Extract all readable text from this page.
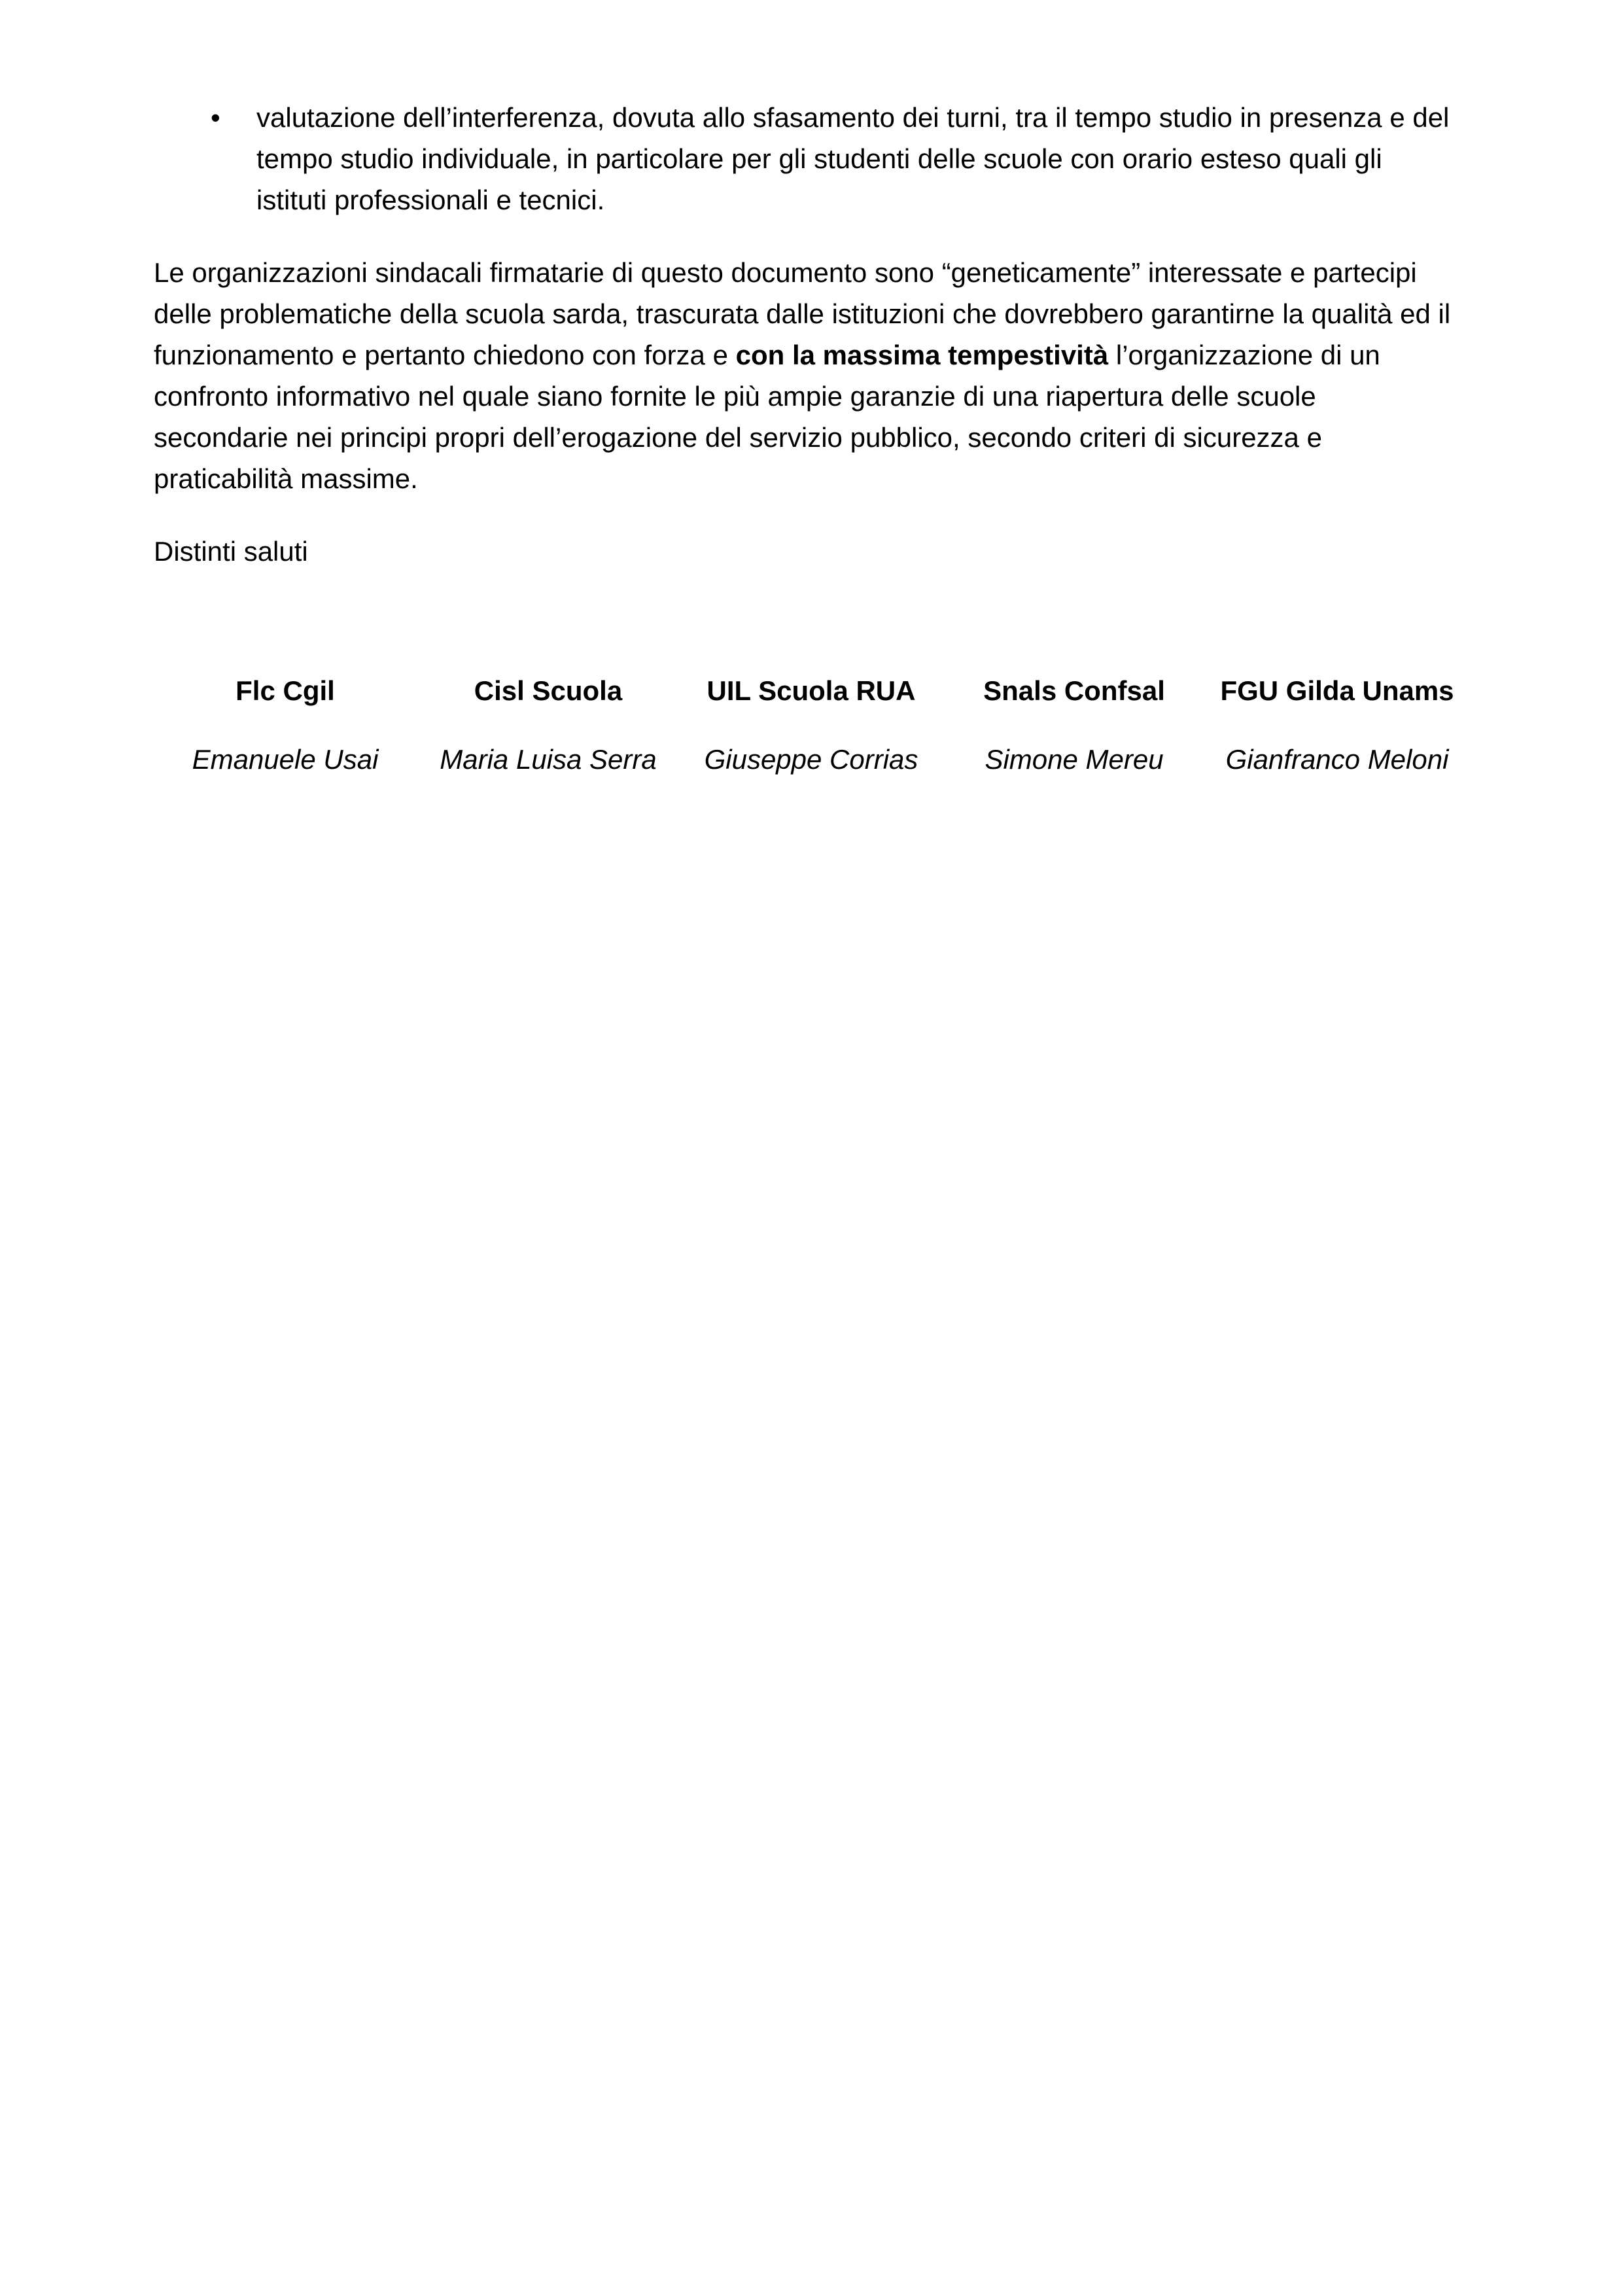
•	valutazione dell’interferenza, dovuta allo sfasamento dei turni, tra il tempo studio in presenza e del
tempo studio individuale, in particolare per gli studenti delle scuole con orario esteso quali gli
istituti professionali e tecnici.
Le organizzazioni sindacali firmatarie di questo documento sono “geneticamente” interessate e partecipi
delle problematiche della scuola sarda, trascurata dalle istituzioni che dovrebbero garantirne la qualità ed il
funzionamento e pertanto chiedono con forza e con la massima tempestività l’organizzazione di un
confronto informativo nel quale siano fornite le più ampie garanzie di una riapertura delle scuole
secondarie nei principi propri dell’erogazione del servizio pubblico, secondo criteri di sicurezza e
praticabilità massime.
Distinti saluti
Flc Cgil	Cisl Scuola	UIL Scuola RUA	Snals Confsal	FGU Gilda Unams
Emanuele Usai	Maria Luisa Serra	Giuseppe Corrias	Simone Mereu	Gianfranco Meloni
